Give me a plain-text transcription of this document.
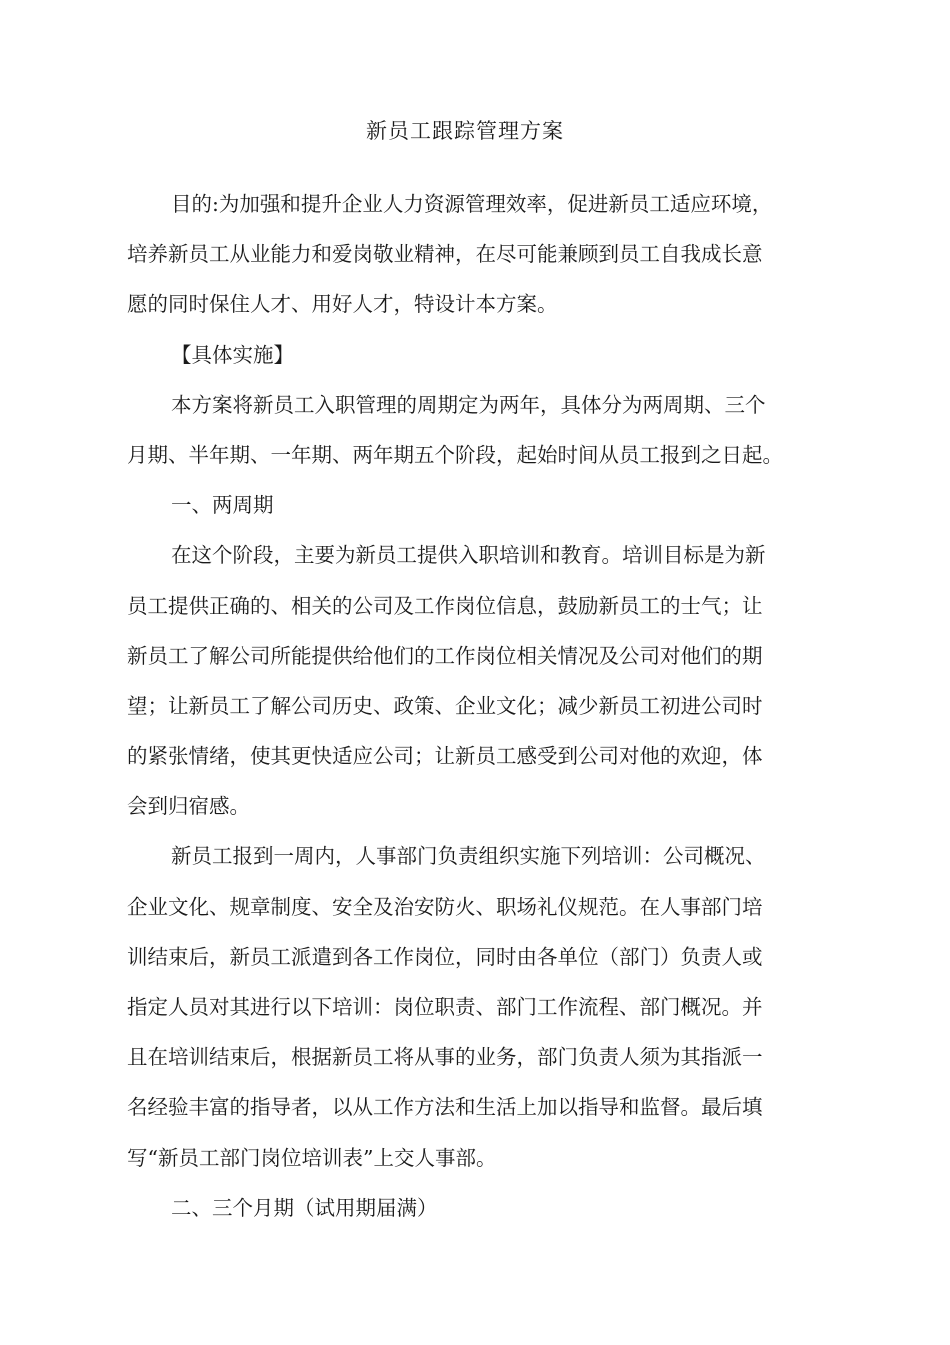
新员工跟踪管理方案
目的:为加强和提升企业人力资源管理效率，促进新员工适应环境，
培养新员工从业能力和爱岗敬业精神，在尽可能兼顾到员工自我成长意
愿的同时保住人才、用好人才，特设计本方案。
【具体实施】
本方案将新员工入职管理的周期定为两年，具体分为两周期、三个
月期、半年期、一年期、两年期五个阶段，起始时间从员工报到之日起。
一、两周期
在这个阶段，主要为新员工提供入职培训和教育。培训目标是为新
员工提供正确的、相关的公司及工作岗位信息，鼓励新员工的士气；让
新员工了解公司所能提供给他们的工作岗位相关情况及公司对他们的期
望；让新员工了解公司历史、政策、企业文化；减少新员工初进公司时
的紧张情绪，使其更快适应公司；让新员工感受到公司对他的欢迎，体
会到归宿感。
新员工报到一周内，人事部门负责组织实施下列培训：公司概况、
企业文化、规章制度、安全及治安防火、职场礼仪规范。在人事部门培
训结束后，新员工派遣到各工作岗位，同时由各单位（部门）负责人或
指定人员对其进行以下培训：岗位职责、部门工作流程、部门概况。并
且在培训结束后，根据新员工将从事的业务，部门负责人须为其指派一
名经验丰富的指导者，以从工作方法和生活上加以指导和监督。最后填
写“新员工部门岗位培训表”上交人事部。
二、三个月期（试用期届满）
